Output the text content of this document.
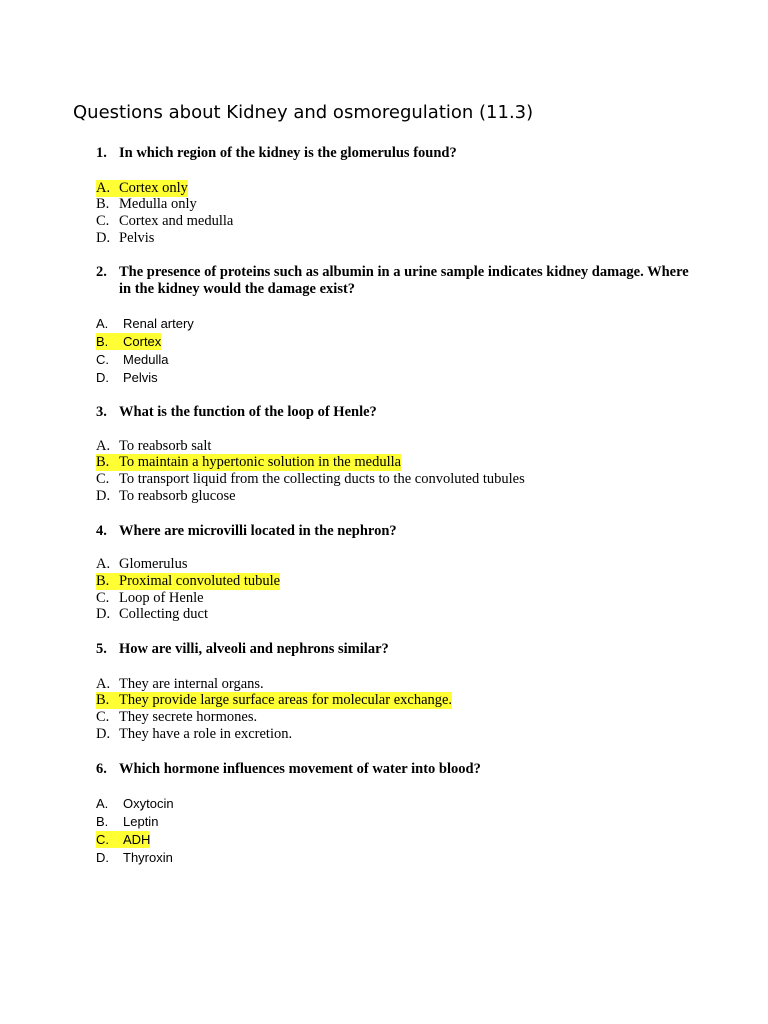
Questions about Kidney and osmoregulation (11.3)
1. In which region of the kidney is the glomerulus found?
A. Cortex only
B. Medulla only
C. Cortex and medulla
D. Pelvis
2. The presence of proteins such as albumin in a urine sample indicates kidney damage. Where in the kidney would the damage exist?
A.	Renal artery
B.	Cortex
C.	Medulla
D.	Pelvis
3. What is the function of the loop of Henle?
A. To reabsorb salt
B. To maintain a hypertonic solution in the medulla
C. To transport liquid from the collecting ducts to the convoluted tubules
D. To reabsorb glucose
4. Where are microvilli located in the nephron?
A. Glomerulus
B. Proximal convoluted tubule
C. Loop of Henle
D. Collecting duct
5. How are villi, alveoli and nephrons similar?
A. They are internal organs.
B. They provide large surface areas for molecular exchange.
C. They secrete hormones.
D. They have a role in excretion.
6. Which hormone influences movement of water into blood?
A.	Oxytocin
B.	Leptin
C.	ADH
D.	Thyroxin
